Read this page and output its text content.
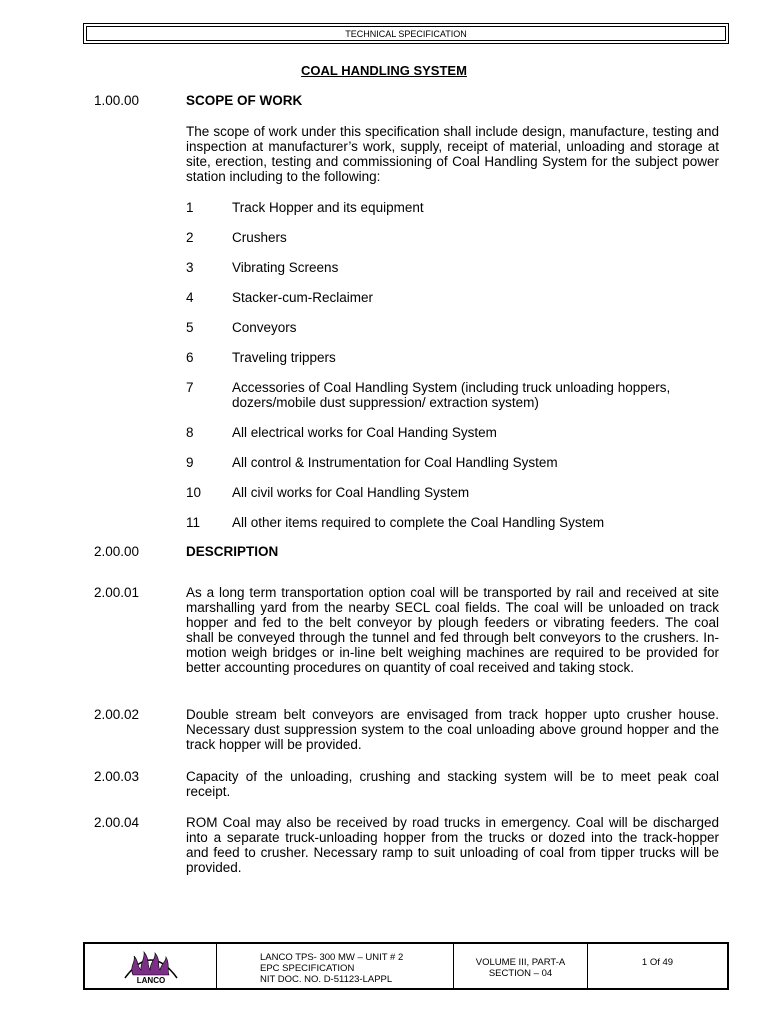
TECHNICAL SPECIFICATION
COAL HANDLING SYSTEM
1.00.00	SCOPE OF WORK
The scope of work under this specification shall include design, manufacture, testing and inspection at manufacturer’s work, supply, receipt of material, unloading and storage at site, erection, testing and commissioning of Coal Handling System for the subject power station including to the following:
1	Track Hopper and its equipment
2	Crushers
3	Vibrating Screens
4	Stacker-cum-Reclaimer
5	Conveyors
6	Traveling trippers
7	Accessories of Coal Handling System (including truck unloading hoppers, dozers/mobile dust suppression/ extraction system)
8	All electrical works for Coal Handing System
9	All control & Instrumentation for Coal Handling System
10 All civil works for Coal Handling System
11 All other items required to complete the Coal Handling System
2.00.00	DESCRIPTION
2.00.01	As a long term transportation option coal will be transported by rail and received at site marshalling yard from the nearby SECL coal fields. The coal will be unloaded on track hopper and fed to the belt conveyor by plough feeders or vibrating feeders. The coal shall be conveyed through the tunnel and fed through belt conveyors to the crushers. In-motion weigh bridges or in-line belt weighing machines are required to be provided for better accounting procedures on quantity of coal received and taking stock.
2.00.02	Double stream belt conveyors are envisaged from track hopper upto crusher house. Necessary dust suppression system to the coal unloading above ground hopper and the track hopper will be provided.
2.00.03	Capacity of the unloading, crushing and stacking system will be to meet peak coal receipt.
2.00.04	ROM Coal may also be received by road trucks in emergency. Coal will be discharged into a separate truck-unloading hopper from the trucks or dozed into the track-hopper and feed to crusher. Necessary ramp to suit unloading of coal from tipper trucks will be provided.
LANCO
LANCO TPS- 300 MW – UNIT # 2
EPC SPECIFICATION
NIT DOC. NO. D-51123-LAPPL
VOLUME III, PART-A
SECTION – 04
1 Of 49
